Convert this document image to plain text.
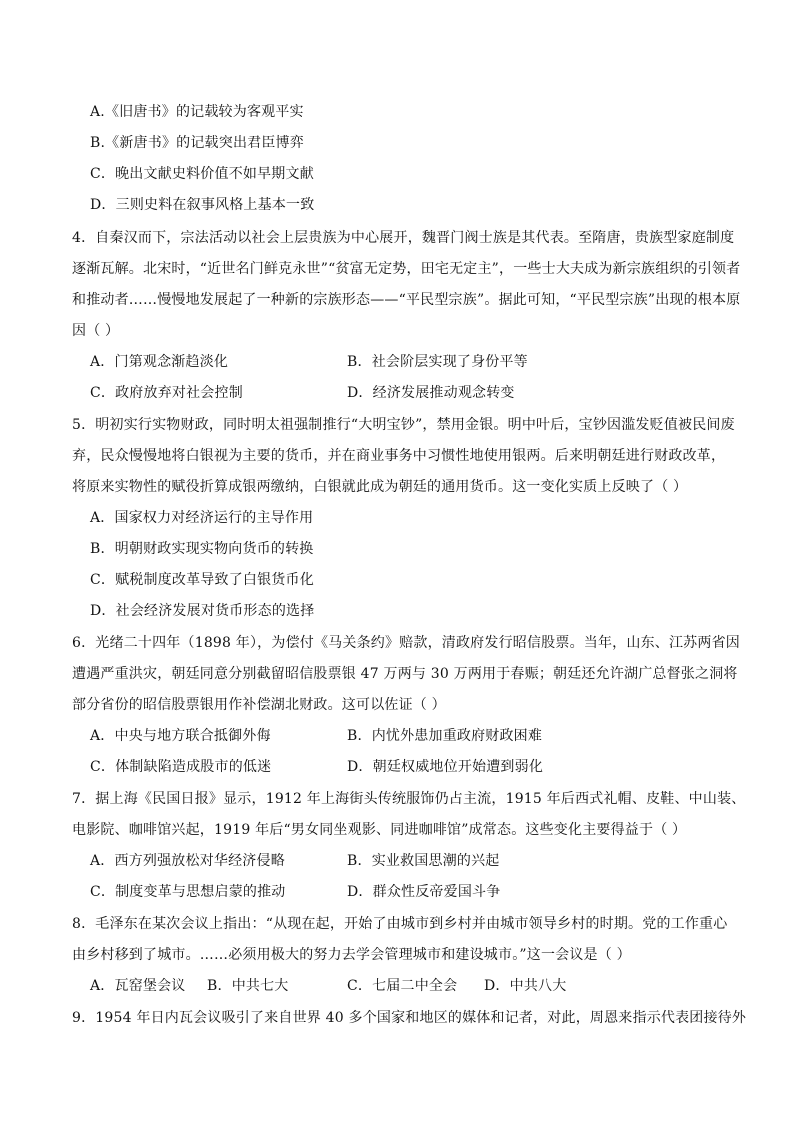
A.《旧唐书》的记载较为客观平实
B.《新唐书》的记载突出君臣博弈
C．晚出文献史料价值不如早期文献
D．三则史料在叙事风格上基本一致
4．自秦汉而下，宗法活动以社会上层贵族为中心展开，魏晋门阀士族是其代表。至隋唐，贵族型家庭制度
逐渐瓦解。北宋时，“近世名门鲜克永世”“贫富无定势，田宅无定主”，一些士大夫成为新宗族组织的引领者
和推动者……慢慢地发展起了一种新的宗族形态——“平民型宗族”。据此可知，“平民型宗族”出现的根本原
因（ ）
A．门第观念渐趋淡化	B．社会阶层实现了身份平等
C．政府放弃对社会控制	D．经济发展推动观念转变
5．明初实行实物财政，同时明太祖强制推行“大明宝钞”，禁用金银。明中叶后，宝钞因滥发贬值被民间废
弃，民众慢慢地将白银视为主要的货币，并在商业事务中习惯性地使用银两。后来明朝廷进行财政改革，
将原来实物性的赋役折算成银两缴纳，白银就此成为朝廷的通用货币。这一变化实质上反映了（ ）
A．国家权力对经济运行的主导作用
B．明朝财政实现实物向货币的转换
C．赋税制度改革导致了白银货币化
D．社会经济发展对货币形态的选择
6．光绪二十四年（1898 年），为偿付《马关条约》赔款，清政府发行昭信股票。当年，山东、江苏两省因
遭遇严重洪灾，朝廷同意分别截留昭信股票银 47 万两与 30 万两用于春赈；朝廷还允许湖广总督张之洞将
部分省份的昭信股票银用作补偿湖北财政。这可以佐证（ ）
A．中央与地方联合抵御外侮	B．内忧外患加重政府财政困难
C．体制缺陷造成股市的低迷	D．朝廷权威地位开始遭到弱化
7．据上海《民国日报》显示，1912 年上海街头传统服饰仍占主流，1915 年后西式礼帽、皮鞋、中山装、
电影院、咖啡馆兴起，1919 年后“男女同坐观影、同进咖啡馆”成常态。这些变化主要得益于（ ）
A．西方列强放松对华经济侵略	B．实业救国思潮的兴起
C．制度变革与思想启蒙的推动	D．群众性反帝爱国斗争
8．毛泽东在某次会议上指出：“从现在起，开始了由城市到乡村并由城市领导乡村的时期。党的工作重心
由乡村移到了城市。……必须用极大的努力去学会管理城市和建设城市。”这一会议是（ ）
A．瓦窑堡会议 B．中共七大	C．七届二中全会 D．中共八大
9．1954 年日内瓦会议吸引了来自世界 40 多个国家和地区的媒体和记者，对此，周恩来指示代表团接待外
